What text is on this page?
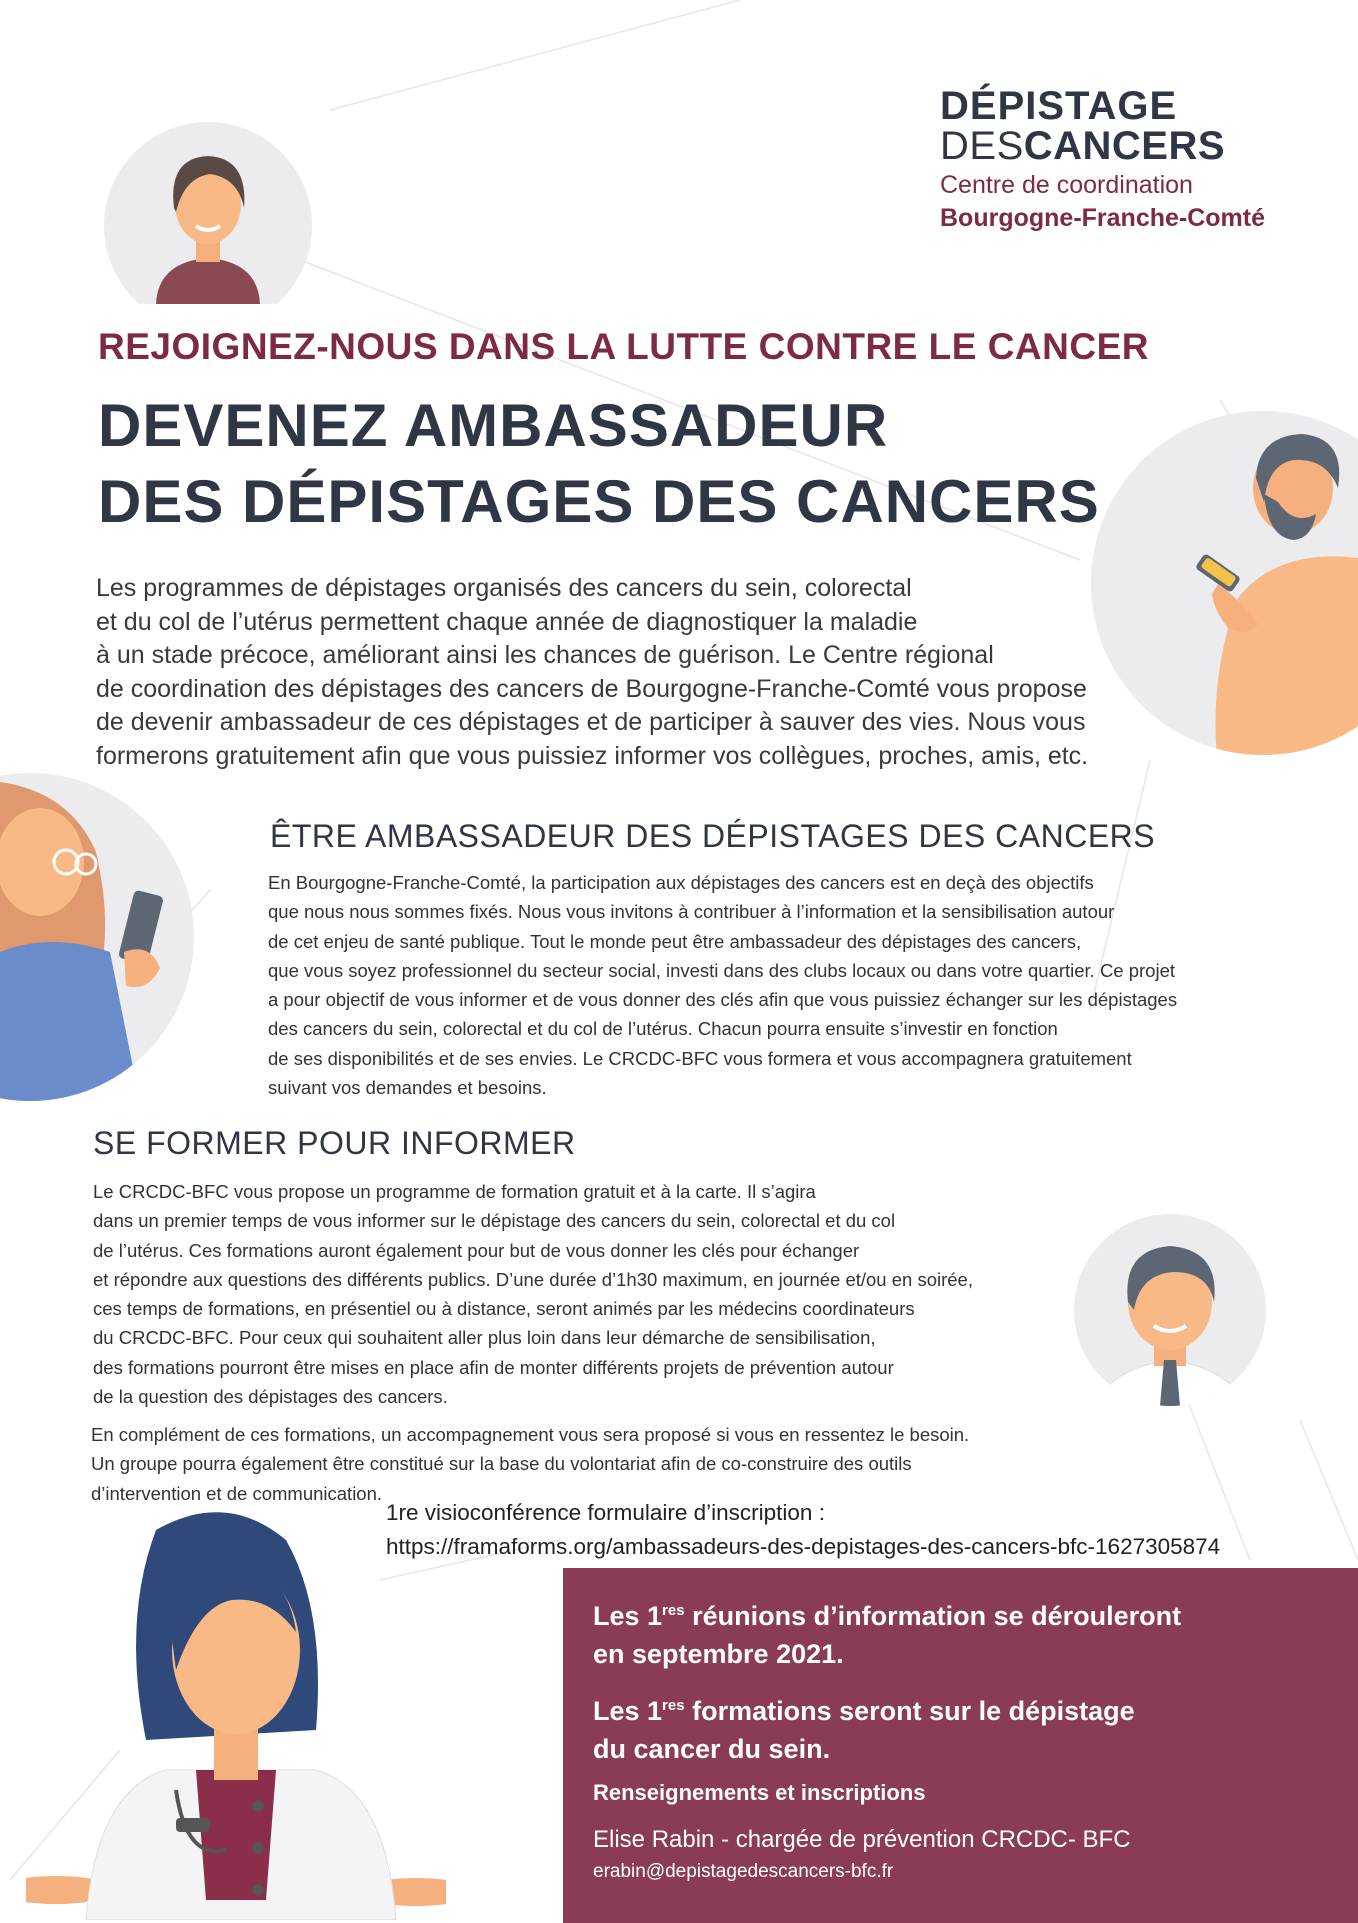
DÉPISTAGE
DESCANCERS
Centre de coordination
Bourgogne-Franche-Comté
REJOIGNEZ-NOUS DANS LA LUTTE CONTRE LE CANCER
DEVENEZ AMBASSADEUR
DES DÉPISTAGES DES CANCERS
Les programmes de dépistages organisés des cancers du sein, colorectal
et du col de l’utérus permettent chaque année de diagnostiquer la maladie
à un stade précoce, améliorant ainsi les chances de guérison. Le Centre régional
de coordination des dépistages des cancers de Bourgogne-Franche-Comté vous propose
de devenir ambassadeur de ces dépistages et de participer à sauver des vies. Nous vous
formerons gratuitement afin que vous puissiez informer vos collègues, proches, amis, etc.
ÊTRE AMBASSADEUR DES DÉPISTAGES DES CANCERS
En Bourgogne-Franche-Comté, la participation aux dépistages des cancers est en deçà des objectifs
que nous nous sommes fixés. Nous vous invitons à contribuer à l’information et la sensibilisation autour
de cet enjeu de santé publique. Tout le monde peut être ambassadeur des dépistages des cancers,
que vous soyez professionnel du secteur social, investi dans des clubs locaux ou dans votre quartier. Ce projet
a pour objectif de vous informer et de vous donner des clés afin que vous puissiez échanger sur les dépistages
des cancers du sein, colorectal et du col de l’utérus. Chacun pourra ensuite s’investir en fonction
de ses disponibilités et de ses envies. Le CRCDC-BFC vous formera et vous accompagnera gratuitement
suivant vos demandes et besoins.
SE FORMER POUR INFORMER
Le CRCDC-BFC vous propose un programme de formation gratuit et à la carte. Il s’agira
dans un premier temps de vous informer sur le dépistage des cancers du sein, colorectal et du col
de l’utérus. Ces formations auront également pour but de vous donner les clés pour échanger
et répondre aux questions des différents publics. D’une durée d’1h30 maximum, en journée et/ou en soirée,
ces temps de formations, en présentiel ou à distance, seront animés par les médecins coordinateurs
du CRCDC-BFC. Pour ceux qui souhaitent aller plus loin dans leur démarche de sensibilisation,
des formations pourront être mises en place afin de monter différents projets de prévention autour
de la question des dépistages des cancers.
En complément de ces formations, un accompagnement vous sera proposé si vous en ressentez le besoin.
Un groupe pourra également être constitué sur la base du volontariat afin de co-construire des outils
d’intervention et de communication.
1re visioconférence formulaire d’inscription :
https://framaforms.org/ambassadeurs-des-depistages-des-cancers-bfc-1627305874
Les 1res réunions d’information se dérouleront
en septembre 2021.
Les 1res formations seront sur le dépistage
du cancer du sein.
Renseignements et inscriptions
Elise Rabin - chargée de prévention CRCDC- BFC
erabin@depistagedescancers-bfc.fr
